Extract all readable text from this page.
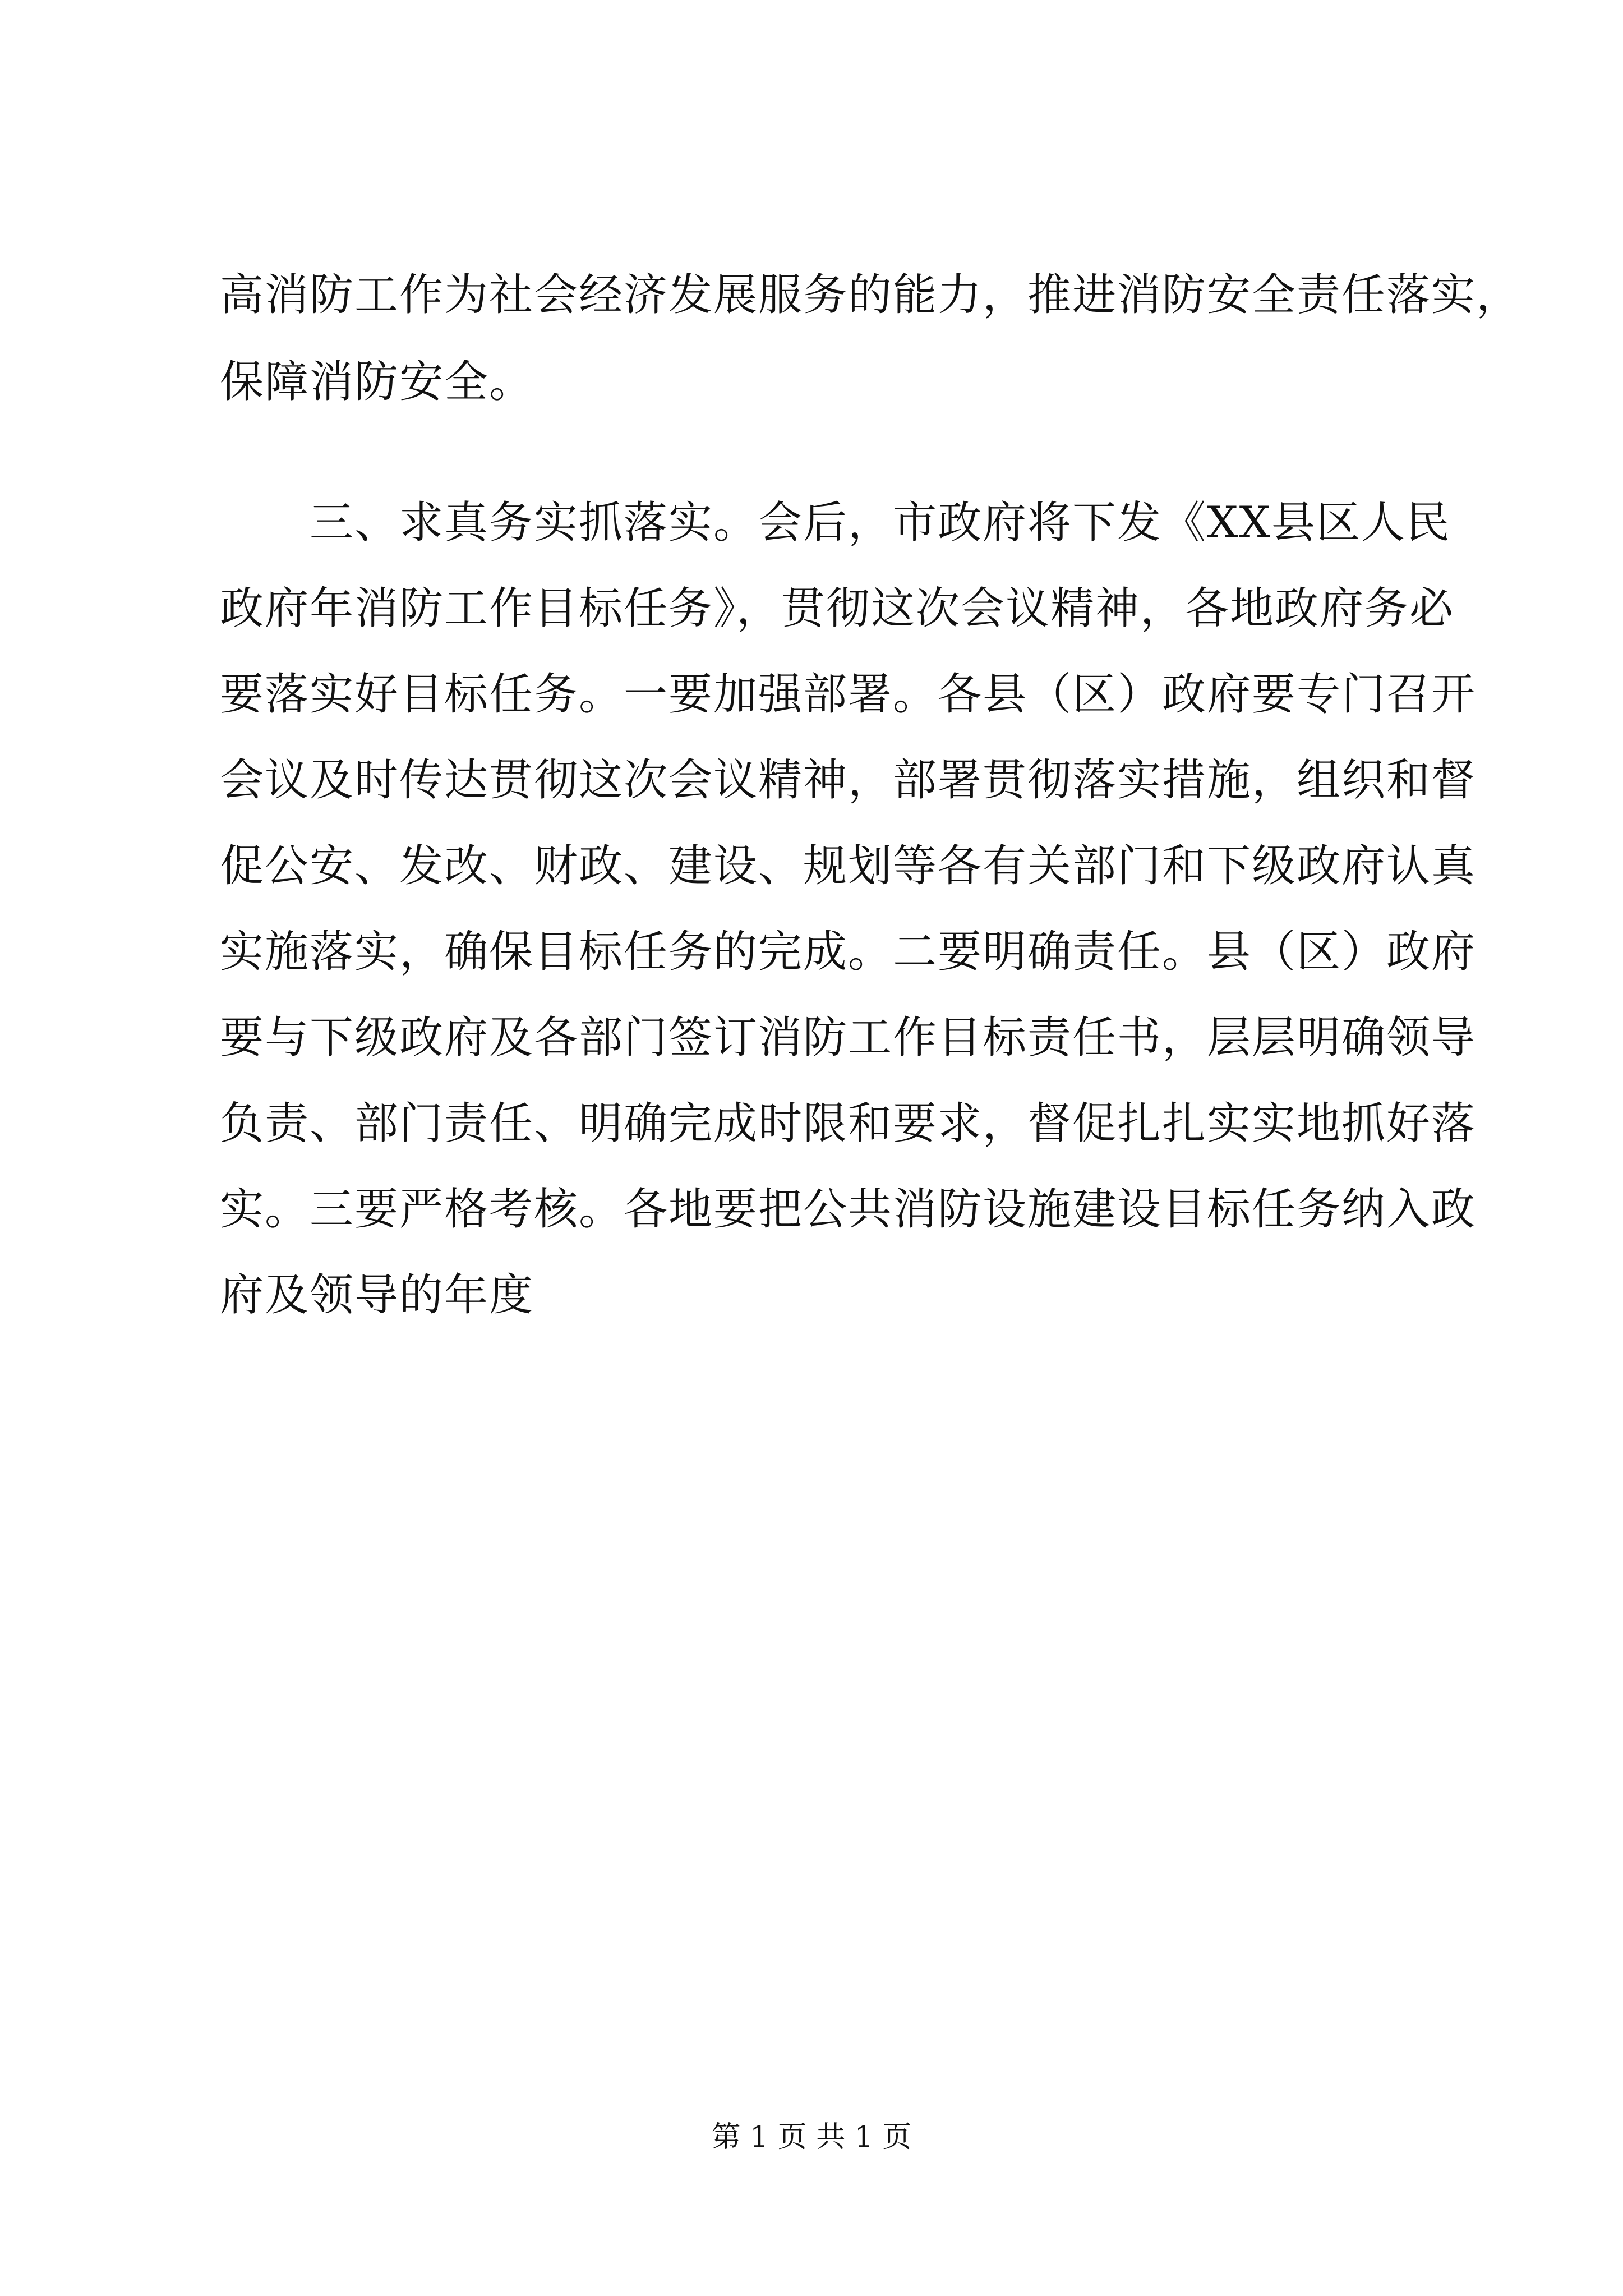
高消防工作为社会经济发展服务的能力，推进消防安全责任落实，
保障消防安全。
　　三、求真务实抓落实。会后，市政府将下发《XX县区人民
政府年消防工作目标任务》，贯彻这次会议精神，各地政府务必
要落实好目标任务。一要加强部署。各县（区）政府要专门召开
会议及时传达贯彻这次会议精神，部署贯彻落实措施，组织和督
促公安、发改、财政、建设、规划等各有关部门和下级政府认真
实施落实，确保目标任务的完成。二要明确责任。县（区）政府
要与下级政府及各部门签订消防工作目标责任书，层层明确领导
负责、部门责任、明确完成时限和要求，督促扎扎实实地抓好落
实。三要严格考核。各地要把公共消防设施建设目标任务纳入政
府及领导的年度
第 1 页 共 1 页
